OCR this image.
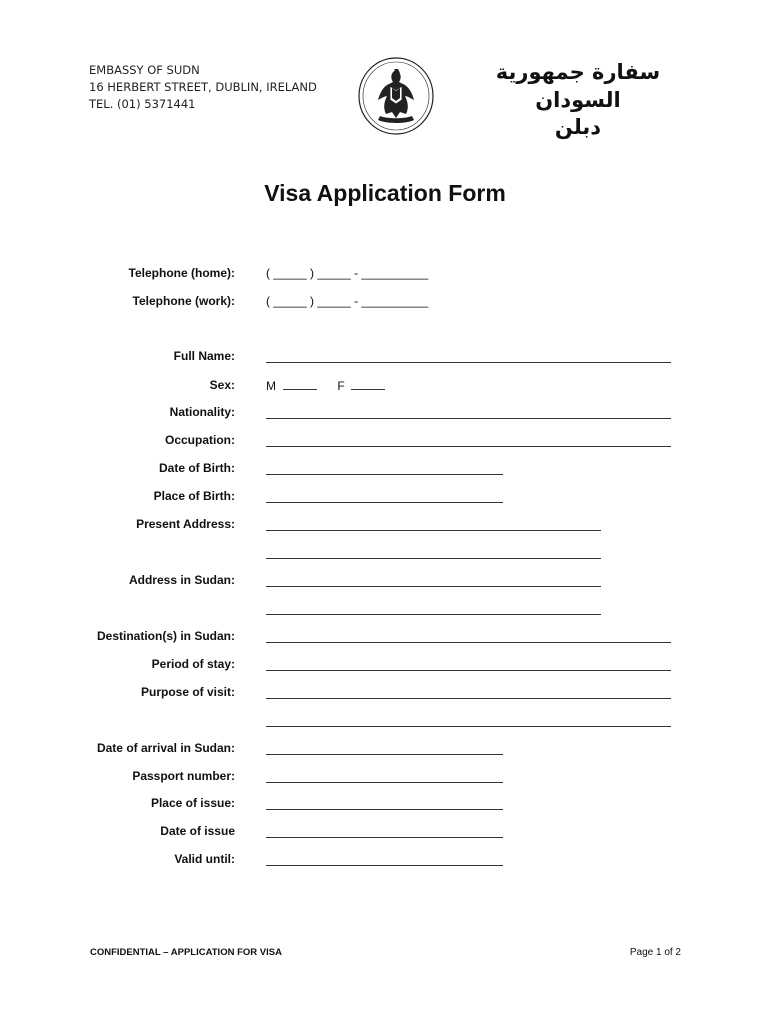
EMBASSY OF SUDN
16 HERBERT STREET, DUBLIN, IRELAND
TEL. (01) 5371441
سفارة جمهورية السودان
دبلن
Visa Application Form
Telephone (home):	( _____ ) _____ - __________
Telephone (work):	( _____ ) _____ - __________
Full Name:
Sex:	M	F
Nationality:
Occupation:
Date of Birth:
Place of Birth:
Present Address:
Address in Sudan:
Destination(s) in Sudan:
Period of stay:
Purpose of visit:
Date of arrival in Sudan:
Passport number:
Place of issue:
Date of issue
Valid until:
CONFIDENTIAL – APPLICATION FOR VISA	Page 1 of 2
